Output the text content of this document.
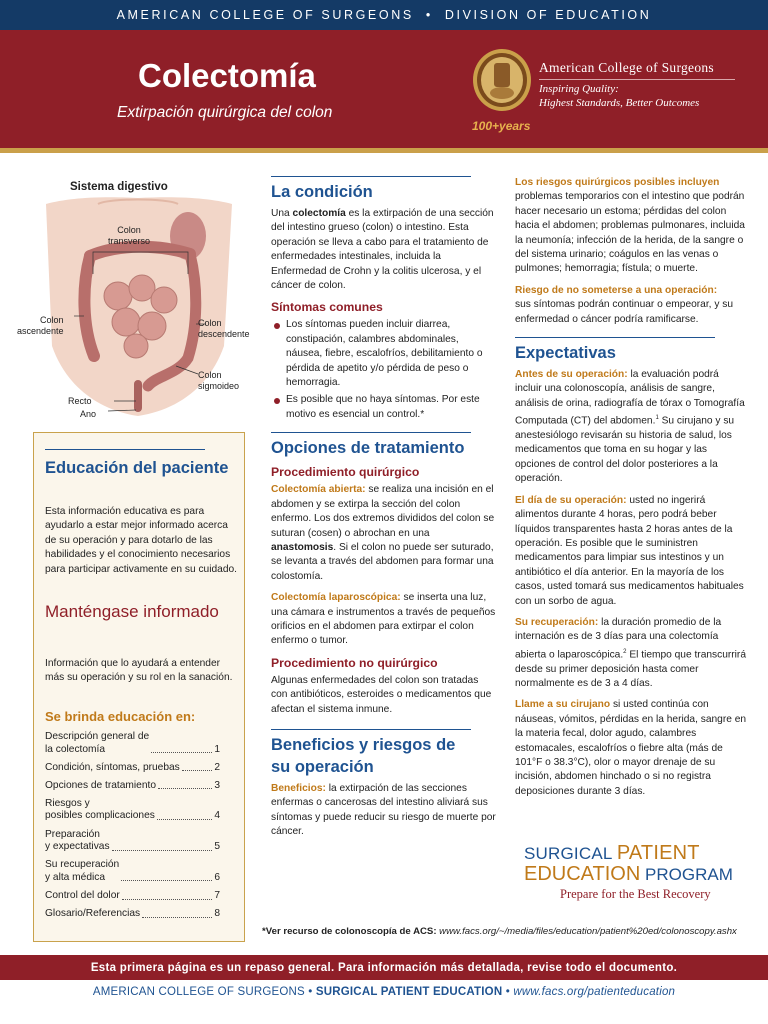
AMERICAN COLLEGE OF SURGEONS • DIVISION OF EDUCATION
Colectomía
Extirpación quirúrgica del colon
100+years
American College of Surgeons
Inspiring Quality:
Highest Standards, Better Outcomes
Sistema digestivo
Colon
transverso
Colon
ascendente
Colon
descendente
Colon
sigmoideo
Recto
Ano
Educación del paciente
Esta información educativa es para ayudarlo a estar mejor informado acerca de su operación y para dotarlo de las habilidades y el conocimiento necesarios para participar activamente en su cuidado.
Manténgase informado
Información que lo ayudará a entender más su operación y su rol en la sanación.
Se brinda educación en:
Descripción general de
la colectomía	1
Condición, síntomas, pruebas	2
Opciones de tratamiento	3
Riesgos y
posibles complicaciones	4
Preparación
y expectativas	5
Su recuperación
y alta médica	6
Control del dolor	7
Glosario/Referencias	8
La condición

Una colectomía es la extirpación de una sección del intestino grueso (colon) o intestino. Esta operación se lleva a cabo para el tratamiento de enfermedades intestinales, incluida la Enfermedad de Crohn y la colitis ulcerosa, y el cáncer de colon.

Síntomas comunes
Los síntomas pueden incluir diarrea, constipación, calambres abdominales, náusea, fiebre, escalofríos, debilitamiento o pérdida de apetito y/o pérdida de peso o hemorragia.
Es posible que no haya síntomas. Por este motivo es esencial un control.*
Opciones de tratamiento
Procedimiento quirúrgico

Colectomía abierta: se realiza una incisión en el abdomen y se extirpa la sección del colon enfermo. Los dos extremos divididos del colon se suturan (cosen) o abrochan en una anastomosis. Si el colon no puede ser suturado, se levanta a través del abdomen para formar una colostomía.

Colectomía laparoscópica: se inserta una luz, una cámara e instrumentos a través de pequeños orificios en el abdomen para extirpar el colon enfermo o tumor.

Procedimiento no quirúrgico

Algunas enfermedades del colon son tratadas con antibióticos, esteroides o medicamentos que afectan el sistema inmune.

Beneficios y riesgos de su operación

Beneficios: la extirpación de las secciones enfermas o cancerosas del intestino aliviará sus síntomas y puede reducir su riesgo de muerte por cáncer.

Los riesgos quirúrgicos posibles incluyen
problemas temporarios con el intestino que podrán hacer necesario un estoma; pérdidas del colon hacia el abdomen; problemas pulmonares, incluida la neumonía; infección de la herida, de la sangre o del sistema urinario; coágulos en las venas o pulmones; hemorragia; fístula; o muerte.

Riesgo de no someterse a una operación:
sus síntomas podrán continuar o empeorar, y su enfermedad o cáncer podría ramificarse.

Expectativas

Antes de su operación: la evaluación podrá incluir una colonoscopía, análisis de sangre, análisis de orina, radiografía de tórax o Tomografía Computada (CT) del abdomen.$^1$ Su cirujano y su anestesiólogo revisarán su historia de salud, los medicamentos que toma en su hogar y las opciones de control del dolor posteriores a la operación.

El día de su operación: usted no ingerirá alimentos durante 4 horas, pero podrá beber líquidos transparentes hasta 2 horas antes de la operación. Es posible que le suministren medicamentos para limpiar sus intestinos y un antibiótico el día anterior. En la mayoría de los casos, usted tomará sus medicamentos habituales con un sorbo de agua.

Su recuperación: la duración promedio de la internación es de 3 días para una colectomía abierta o laparoscópica.$^2$ El tiempo que transcurrirá desde su primer deposición hasta comer normalmente es de 3 a 4 días.

Llame a su cirujano si usted continúa con náuseas, vómitos, pérdidas en la herida, sangre en la materia fecal, dolor agudo, calambres estomacales, escalofríos o fiebre alta (más de 101°F o 38.3°C), olor o mayor drenaje de su incisión, abdomen hinchado o si no registra deposiciones durante 3 días.

SURGICAL PATIENT
EDUCATION PROGRAM
Prepare for the Best Recovery
*Ver recurso de colonoscopía de ACS: www.facs.org/~/media/files/education/patient%20ed/colonoscopy.ashx
Esta primera página es un repaso general. Para información más detallada, revise todo el documento.
AMERICAN COLLEGE OF SURGEONS • SURGICAL PATIENT EDUCATION • www.facs.org/patienteducation
